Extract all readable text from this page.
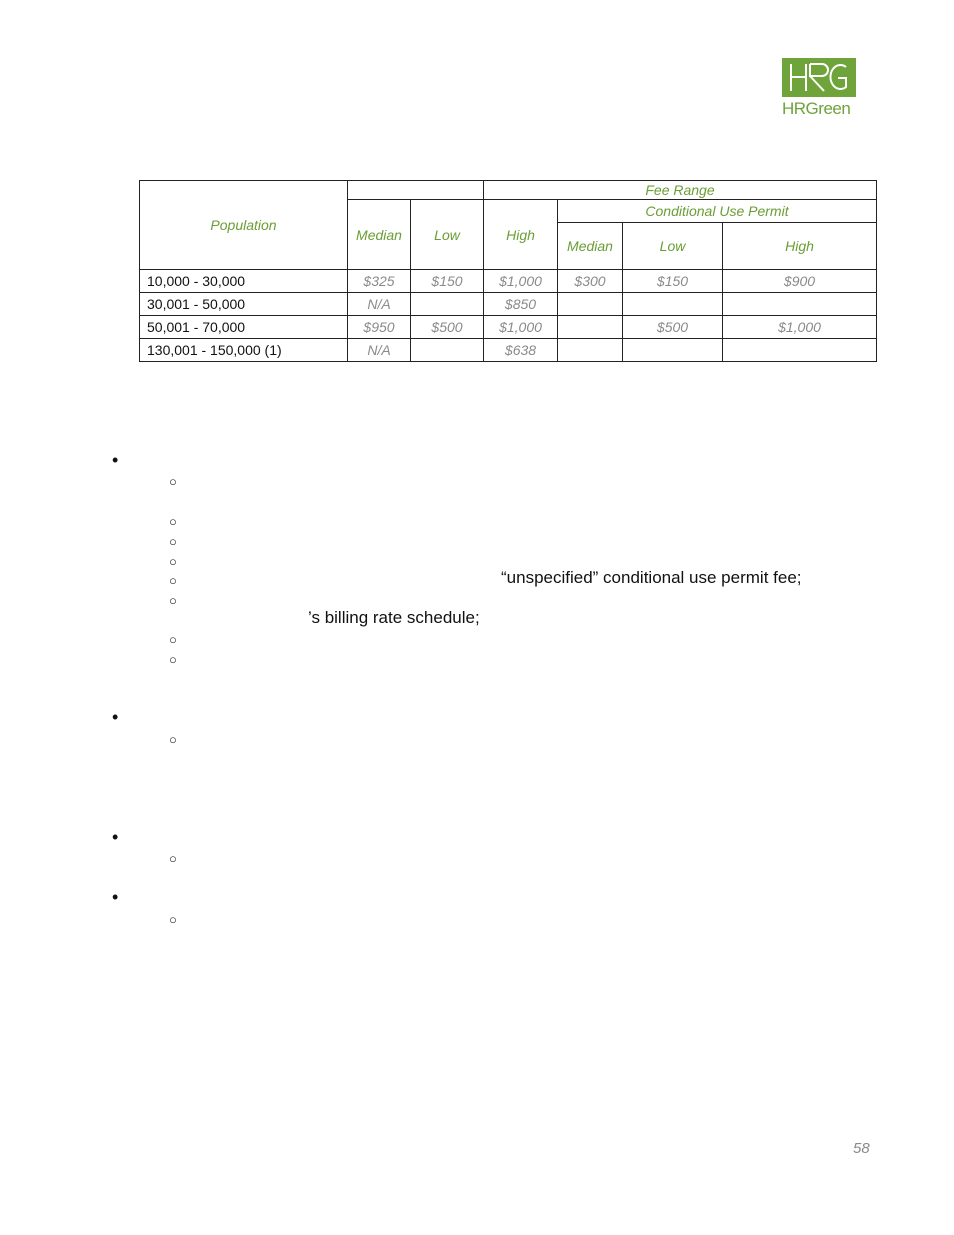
HRGreen
Population			Fee Range			
	Median	Low	High	Conditional Use Permit		
				Median	Low	High
10,000 - 30,000	$325	$150	$1,000	$300	$150	$900
30,001 - 50,000	N/A		$850			
50,001 - 70,000	$950	$500	$1,000		$500	$1,000
130,001 - 150,000 (1)	N/A		$638			
•
○
○
○
○
○	“unspecified” conditional use permit fee;
○
’s billing rate schedule;
○
○
•
○
•
○
•
○
58
